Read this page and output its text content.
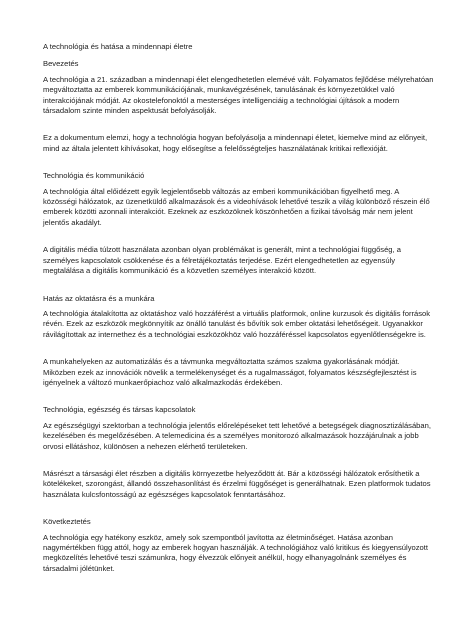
A technológia és hatása a mindennapi életre
Bevezetés

A technológia a 21. században a mindennapi élet elengedhetetlen elemévé vált. Folyamatos fejlődése mélyrehatóan megváltoztatta az emberek kommunikációjának, munkavégzésének, tanulásának és környezetükkel való interakciójának módját. Az okostelefonoktól a mesterséges intelligenciáig a technológiai újítások a modern társadalom szinte minden aspektusát befolyásolják.

Ez a dokumentum elemzi, hogy a technológia hogyan befolyásolja a mindennapi életet, kiemelve mind az előnyeit, mind az általa jelentett kihívásokat, hogy elősegítse a felelősségteljes használatának kritikai reflexióját.

Technológia és kommunikáció

A technológia által előidézett egyik legjelentősebb változás az emberi kommunikációban figyelhető meg. A közösségi hálózatok, az üzenetküldő alkalmazások és a videohívások lehetővé teszik a világ különböző részein élő emberek közötti azonnali interakciót. Ezeknek az eszközöknek köszönhetően a fizikai távolság már nem jelent jelentős akadályt.

A digitális média túlzott használata azonban olyan problémákat is generált, mint a technológiai függőség, a személyes kapcsolatok csökkenése és a félretájékoztatás terjedése. Ezért elengedhetetlen az egyensúly megtalálása a digitális kommunikáció és a közvetlen személyes interakció között.

Hatás az oktatásra és a munkára

A technológia átalakította az oktatáshoz való hozzáférést a virtuális platformok, online kurzusok és digitális források révén. Ezek az eszközök megkönnyítik az önálló tanulást és bővítik sok ember oktatási lehetőségeit. Ugyanakkor rávilágítottak az internethez és a technológiai eszközökhöz való hozzáféréssel kapcsolatos egyenlőtlenségekre is.

A munkahelyeken az automatizálás és a távmunka megváltoztatta számos szakma gyakorlásának módját. Miközben ezek az innovációk növelik a termelékenységet és a rugalmasságot, folyamatos készségfejlesztést is igényelnek a változó munkaerőpiachoz való alkalmazkodás érdekében.

Technológia, egészség és társas kapcsolatok

Az egészségügyi szektorban a technológia jelentős előrelépéseket tett lehetővé a betegségek diagnosztizálásában, kezelésében és megelőzésében. A telemedicina és a személyes monitorozó alkalmazások hozzájárulnak a jobb orvosi ellátáshoz, különösen a nehezen elérhető területeken.

Másrészt a társasági élet részben a digitális környezetbe helyeződött át. Bár a közösségi hálózatok erősíthetik a kötelékeket, szorongást, állandó összehasonlítást és érzelmi függőséget is generálhatnak. Ezen platformok tudatos használata kulcsfontosságú az egészséges kapcsolatok fenntartásához.

Következtetés

A technológia egy hatékony eszköz, amely sok szempontból javította az életminőséget. Hatása azonban nagymértékben függ attól, hogy az emberek hogyan használják. A technológiához való kritikus és kiegyensúlyozott megközelítés lehetővé teszi számunkra, hogy élvezzük előnyeit anélkül, hogy elhanyagolnánk személyes és társadalmi jólétünket.
